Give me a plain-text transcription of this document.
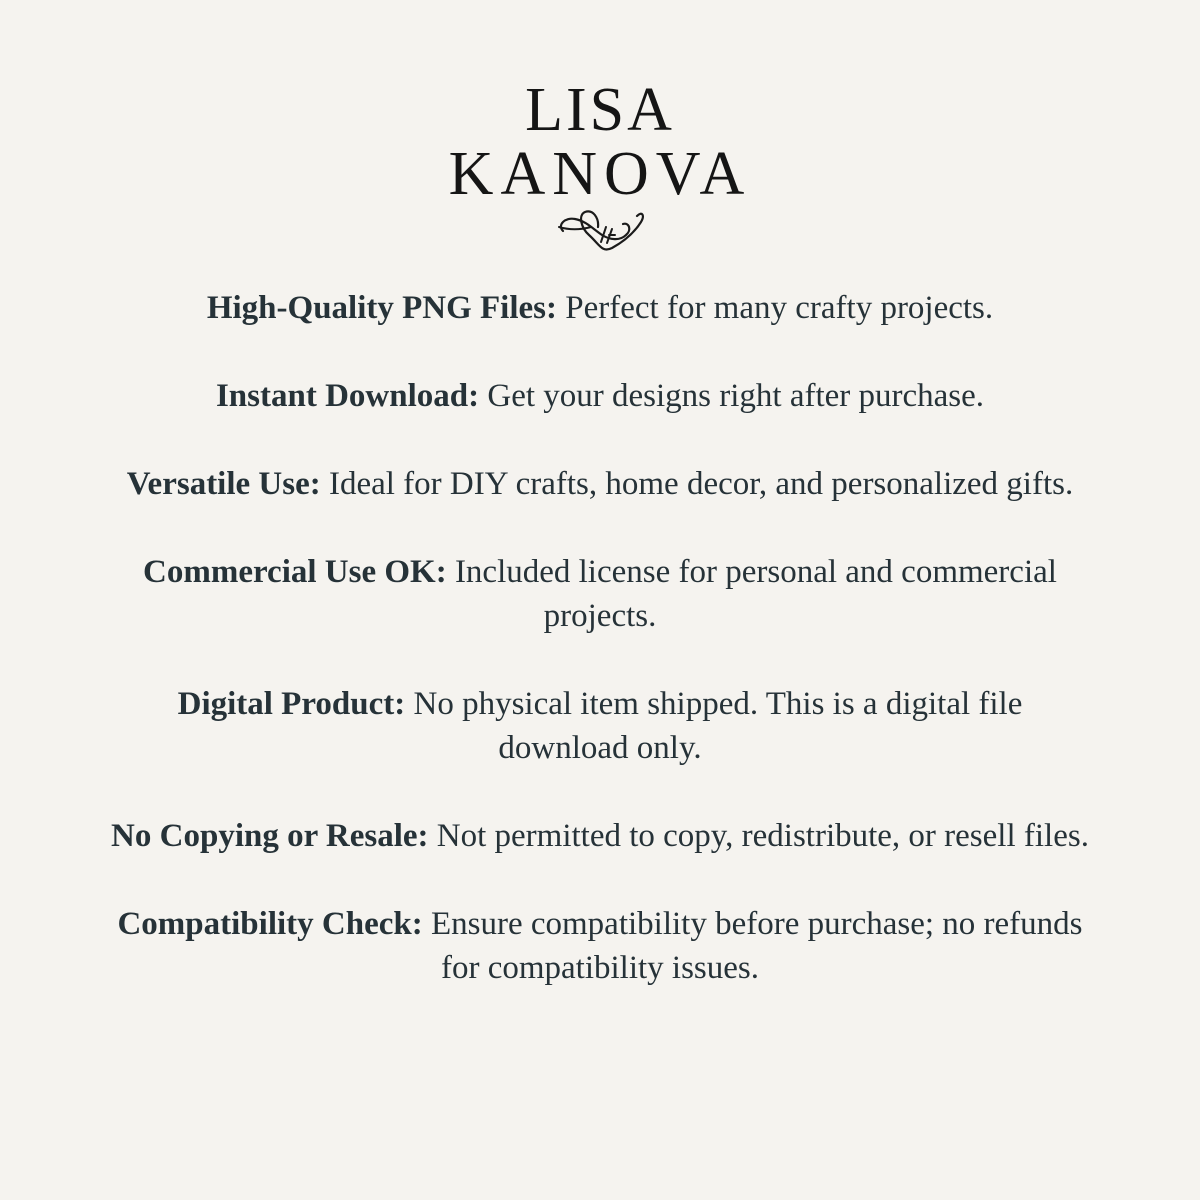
LISA
KANOVA

High-Quality PNG Files: Perfect for many crafty projects.

Instant Download: Get your designs right after purchase.

Versatile Use: Ideal for DIY crafts, home decor, and personalized gifts.

Commercial Use OK: Included license for personal and commercial projects.

Digital Product: No physical item shipped. This is a digital file download only.

No Copying or Resale: Not permitted to copy, redistribute, or resell files.

Compatibility Check: Ensure compatibility before purchase; no refunds for compatibility issues.
